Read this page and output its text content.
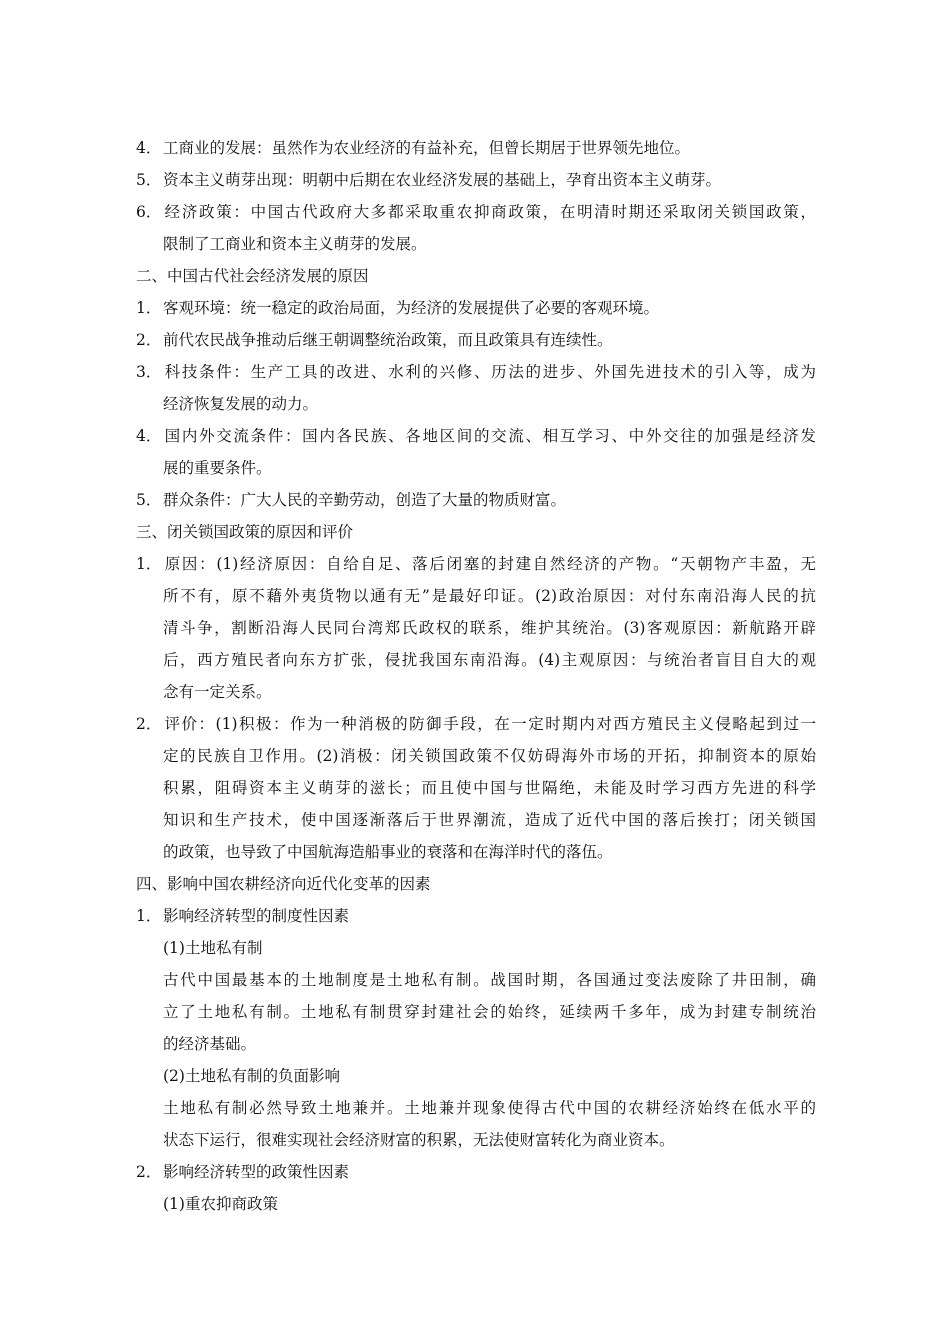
4． 工商业的发展：虽然作为农业经济的有益补充，但曾长期居于世界领先地位。
5． 资本主义萌芽出现：明朝中后期在农业经济发展的基础上，孕育出资本主义萌芽。
6． 经济政策：中国古代政府大多都采取重农抑商政策，在明清时期还采取闭关锁国政策，
限制了工商业和资本主义萌芽的发展。
二、中国古代社会经济发展的原因
1． 客观环境：统一稳定的政治局面，为经济的发展提供了必要的客观环境。
2． 前代农民战争推动后继王朝调整统治政策，而且政策具有连续性。
3． 科技条件：生产工具的改进、水利的兴修、历法的进步、外国先进技术的引入等，成为
经济恢复发展的动力。
4． 国内外交流条件：国内各民族、各地区间的交流、相互学习、中外交往的加强是经济发
展的重要条件。
5． 群众条件：广大人民的辛勤劳动，创造了大量的物质财富。
三、闭关锁国政策的原因和评价
1． 原因：(1)经济原因：自给自足、落后闭塞的封建自然经济的产物。“天朝物产丰盈，无
所不有，原不藉外夷货物以通有无”是最好印证。(2)政治原因：对付东南沿海人民的抗
清斗争，割断沿海人民同台湾郑氏政权的联系，维护其统治。(3)客观原因：新航路开辟
后，西方殖民者向东方扩张，侵扰我国东南沿海。(4)主观原因：与统治者盲目自大的观
念有一定关系。
2． 评价：(1)积极：作为一种消极的防御手段，在一定时期内对西方殖民主义侵略起到过一
定的民族自卫作用。(2)消极：闭关锁国政策不仅妨碍海外市场的开拓，抑制资本的原始
积累，阻碍资本主义萌芽的滋长；而且使中国与世隔绝，未能及时学习西方先进的科学
知识和生产技术，使中国逐渐落后于世界潮流，造成了近代中国的落后挨打；闭关锁国
的政策，也导致了中国航海造船事业的衰落和在海洋时代的落伍。
四、影响中国农耕经济向近代化变革的因素
1． 影响经济转型的制度性因素
(1)土地私有制
古代中国最基本的土地制度是土地私有制。战国时期，各国通过变法废除了井田制，确
立了土地私有制。土地私有制贯穿封建社会的始终，延续两千多年，成为封建专制统治
的经济基础。
(2)土地私有制的负面影响
土地私有制必然导致土地兼并。土地兼并现象使得古代中国的农耕经济始终在低水平的
状态下运行，很难实现社会经济财富的积累，无法使财富转化为商业资本。
2． 影响经济转型的政策性因素
(1)重农抑商政策
